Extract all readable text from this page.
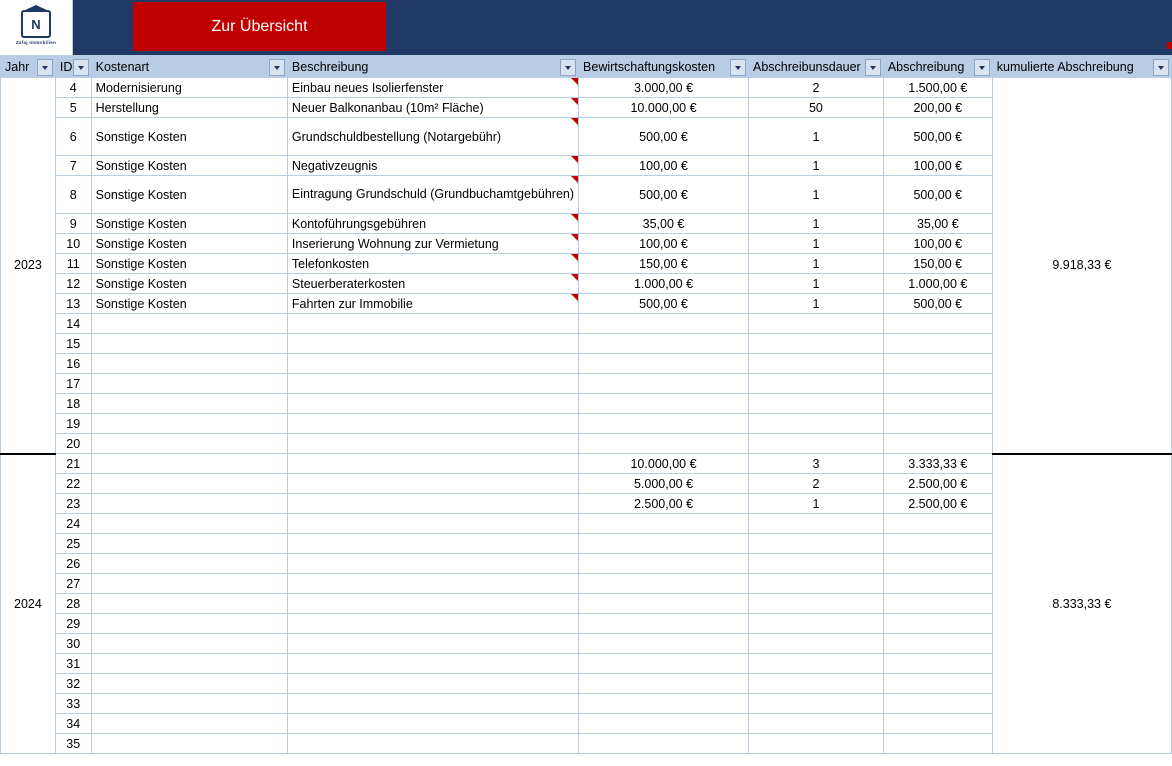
N
Zafaj Immobilien
Zur Übersicht
Jahr	ID	Kostenart	Beschreibung	Bewirtschaftungskosten	Abschreibunsdauer	Abschreibung	kumulierte Abschreibung

2023	4	Modernisierung	Einbau neues Isolierfenster	3.000,00 €	2	1.500,00 €	9.918,33 €
	5	Herstellung	Neuer Balkonanbau (10m² Fläche)	10.000,00 €	50	200,00 €	
	6	Sonstige Kosten	Grundschuldbestellung (Notargebühr)	500,00 €	1	500,00 €	
	7	Sonstige Kosten	Negativzeugnis	100,00 €	1	100,00 €	
	8	Sonstige Kosten	Eintragung Grundschuld (Grundbuchamtgebühren)	500,00 €	1	500,00 €	
	9	Sonstige Kosten	Kontoführungsgebühren	35,00 €	1	35,00 €	
	10	Sonstige Kosten	Inserierung Wohnung zur Vermietung	100,00 €	1	100,00 €	
	11	Sonstige Kosten	Telefonkosten	150,00 €	1	150,00 €	
	12	Sonstige Kosten	Steuerberaterkosten	1.000,00 €	1	1.000,00 €	
	13	Sonstige Kosten	Fahrten zur Immobilie	500,00 €	1	500,00 €	
	14						
	15						
	16						
	17						
	18						
	19						
	20						
2024	21			10.000,00 €	3	3.333,33 €	8.333,33 €
	22			5.000,00 €	2	2.500,00 €	
	23			2.500,00 €	1	2.500,00 €	
	24						
	25						
	26						
	27						
	28						
	29						
	30						
	31						
	32						
	33						
	34						
	35						
